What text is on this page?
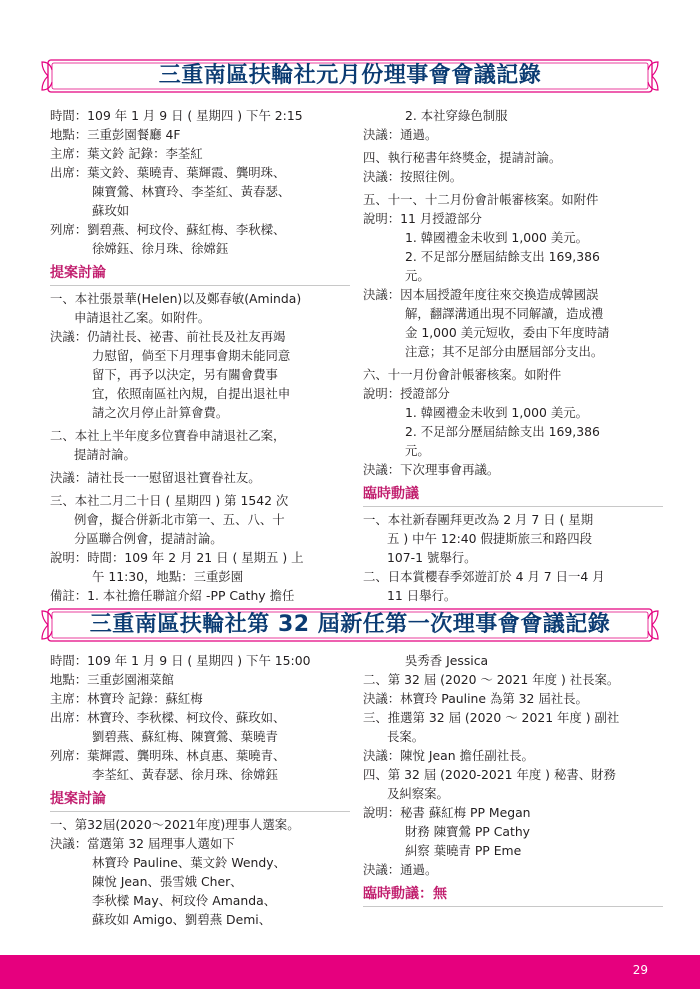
三重南區扶輪社元月份理事會會議記錄
時間： 109 年 1 月 9 日 ( 星期四 ) 下午 2:15
地點： 三重彭園餐廳 4F
主席： 葉文鈴 記錄：李荃紅
出席： 葉文鈴、葉曉青、葉輝霞、龔明珠、
陳寶鶯、林寶玲、李荃紅、黃春瑟、
蘇玫如
列席： 劉碧燕、柯玟伶、蘇紅梅、李秋樑、
徐嫦鈺、徐月珠、徐嫦鈺
提案討論
一、 本社張景華(Helen)以及鄭春敏(Aminda)
申請退社乙案。如附件。
決議： 仍請社長、祕書、前社長及社友再竭
力慰留，倘至下月理事會期未能同意
留下，再予以決定，另有關會費事
宜，依照南區社內規，自提出退社申
請之次月停止計算會費。
二、 本社上半年度多位寶眷申請退社乙案，
提請討論。
決議： 請社長一一慰留退社寶眷社友。
三、 本社二月二十日 ( 星期四 ) 第 1542 次
例會，擬合併新北市第一、五、八、十
分區聯合例會，提請討論。
說明： 時間：109 年 2 月 21 日 ( 星期五 ) 上
午 11:30，地點：三重彭園
備註： 1. 本社擔任聯誼介紹 -PP Cathy 擔任
2. 本社穿綠色制服
決議： 通過。
四、 執行秘書年終獎金，提請討論。
決議： 按照往例。
五、 十一、十二月份會計帳審核案。如附件
說明： 11 月授證部分
1. 韓國禮金未收到 1,000 美元。
2. 不足部分歷屆結餘支出 169,386
元。
決議： 因本屆授證年度往來交換造成韓國誤
解，翻譯溝通出現不同解讀，造成禮
金 1,000 美元短收，委由下年度時請
注意；其不足部分由歷屆部分支出。
六、 十一月份會計帳審核案。如附件
說明： 授證部分
1. 韓國禮金未收到 1,000 美元。
2. 不足部分歷屆結餘支出 169,386
元。
決議： 下次理事會再議。
臨時動議
一、 本社新春團拜更改為 2 月 7 日 ( 星期
五 ) 中午 12:40 假捷斯旅三和路四段
107-1 號舉行。
二、 日本賞櫻春季郊遊訂於 4 月 7 日一4 月
11 日舉行。
三重南區扶輪社第 32 屆新任第一次理事會會議記錄
時間： 109 年 1 月 9 日 ( 星期四 ) 下午 15:00
地點： 三重彭園湘菜館
主席： 林寶玲 記錄：蘇紅梅
出席： 林寶玲、李秋樑、柯玟伶、蘇玫如、
劉碧燕、蘇紅梅、陳寶鶯、葉曉青
列席： 葉輝霞、龔明珠、林貞惠、葉曉青、
李荃紅、黃春瑟、徐月珠、徐嫦鈺
提案討論
一、 第32屆(2020～2021年度)理事人選案。
決議： 當選第 32 屆理事人選如下
林寶玲 Pauline、葉文鈴 Wendy、
陳悅 Jean、張雪娥 Cher、
李秋樑 May、柯玟伶 Amanda、
蘇玫如 Amigo、劉碧燕 Demi、
吳秀香 Jessica
二、 第 32 屆 (2020 ～ 2021 年度 ) 社長案。
決議： 林寶玲 Pauline 為第 32 屆社長。
三、 推選第 32 屆 (2020 ～ 2021 年度 ) 副社
長案。
決議： 陳悅 Jean 擔任副社長。
四、 第 32 屆 (2020-2021 年度 ) 秘書、財務
及糾察案。
說明： 秘書 蘇紅梅 PP Megan
財務 陳寶鶯 PP Cathy
糾察 葉曉青 PP Eme
決議： 通過。
臨時動議：無
29
